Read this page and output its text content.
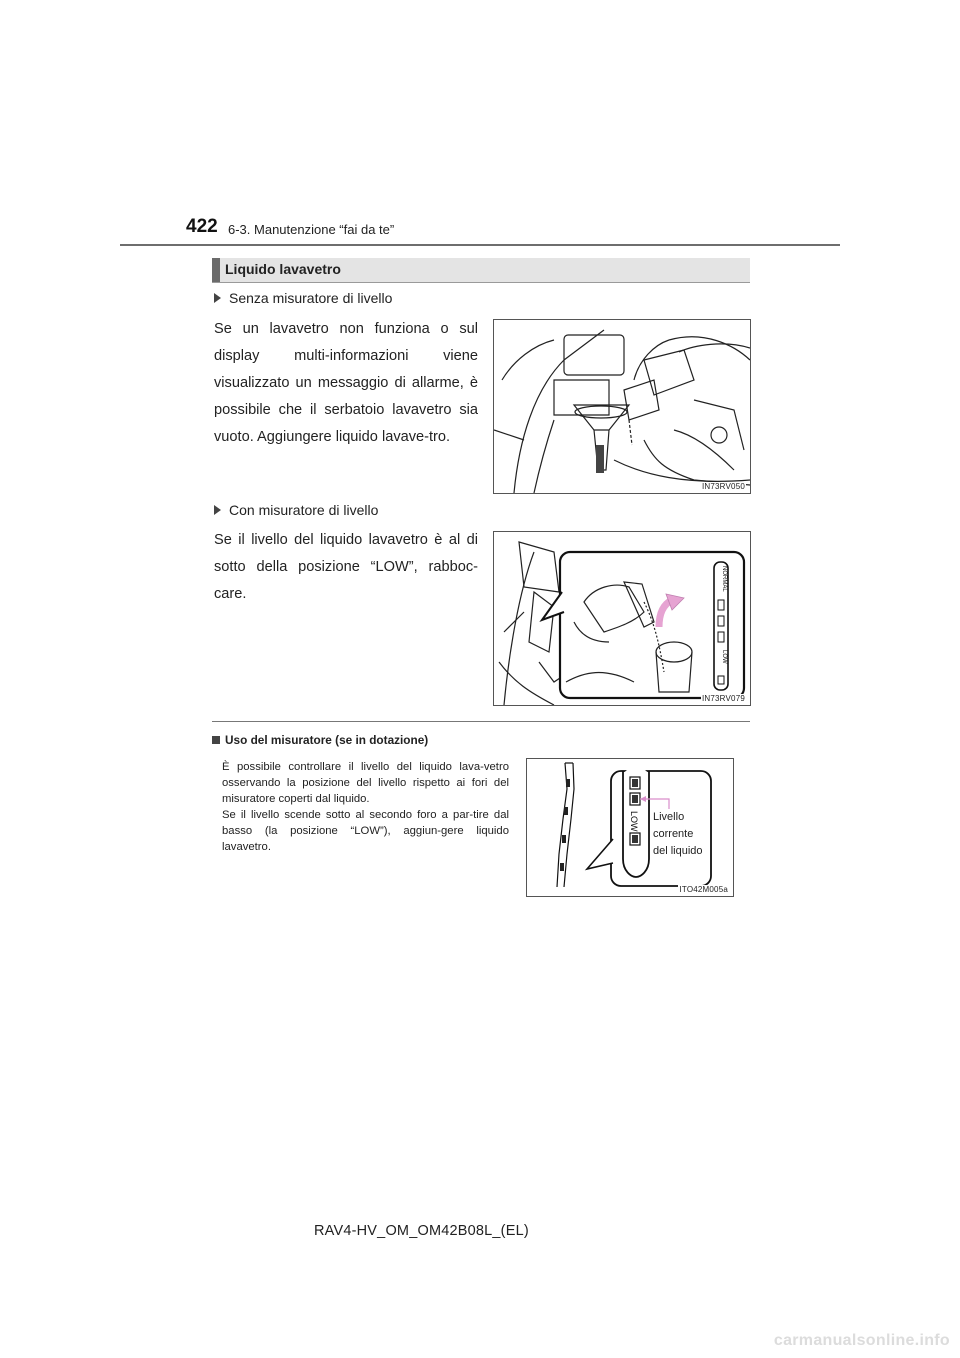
422 6-3. Manutenzione “fai da te”
Liquido lavavetro
Senza misuratore di livello
Se un lavavetro non funziona o sul display multi-informazioni viene visualizzato un messaggio di allarme, è possibile che il serbatoio lavavetro sia vuoto. Aggiungere liquido lavave-tro.
IN73RV050
Con misuratore di livello
Se il livello del liquido lavavetro è al di sotto della posizione “LOW”, rabboc-care.
NORMAL
LOW
IN73RV079
Uso del misuratore (se in dotazione)
È possibile controllare il livello del liquido lava-vetro osservando la posizione del livello rispetto ai fori del misuratore coperti dal liquido.
Se il livello scende sotto al secondo foro a par-tire dal basso (la posizione “LOW”), aggiun-gere liquido lavavetro.
LOW Livello
corrente
del liquido
ITO42M005a
RAV4-HV_OM_OM42B08L_(EL)
carmanualsonline.info
